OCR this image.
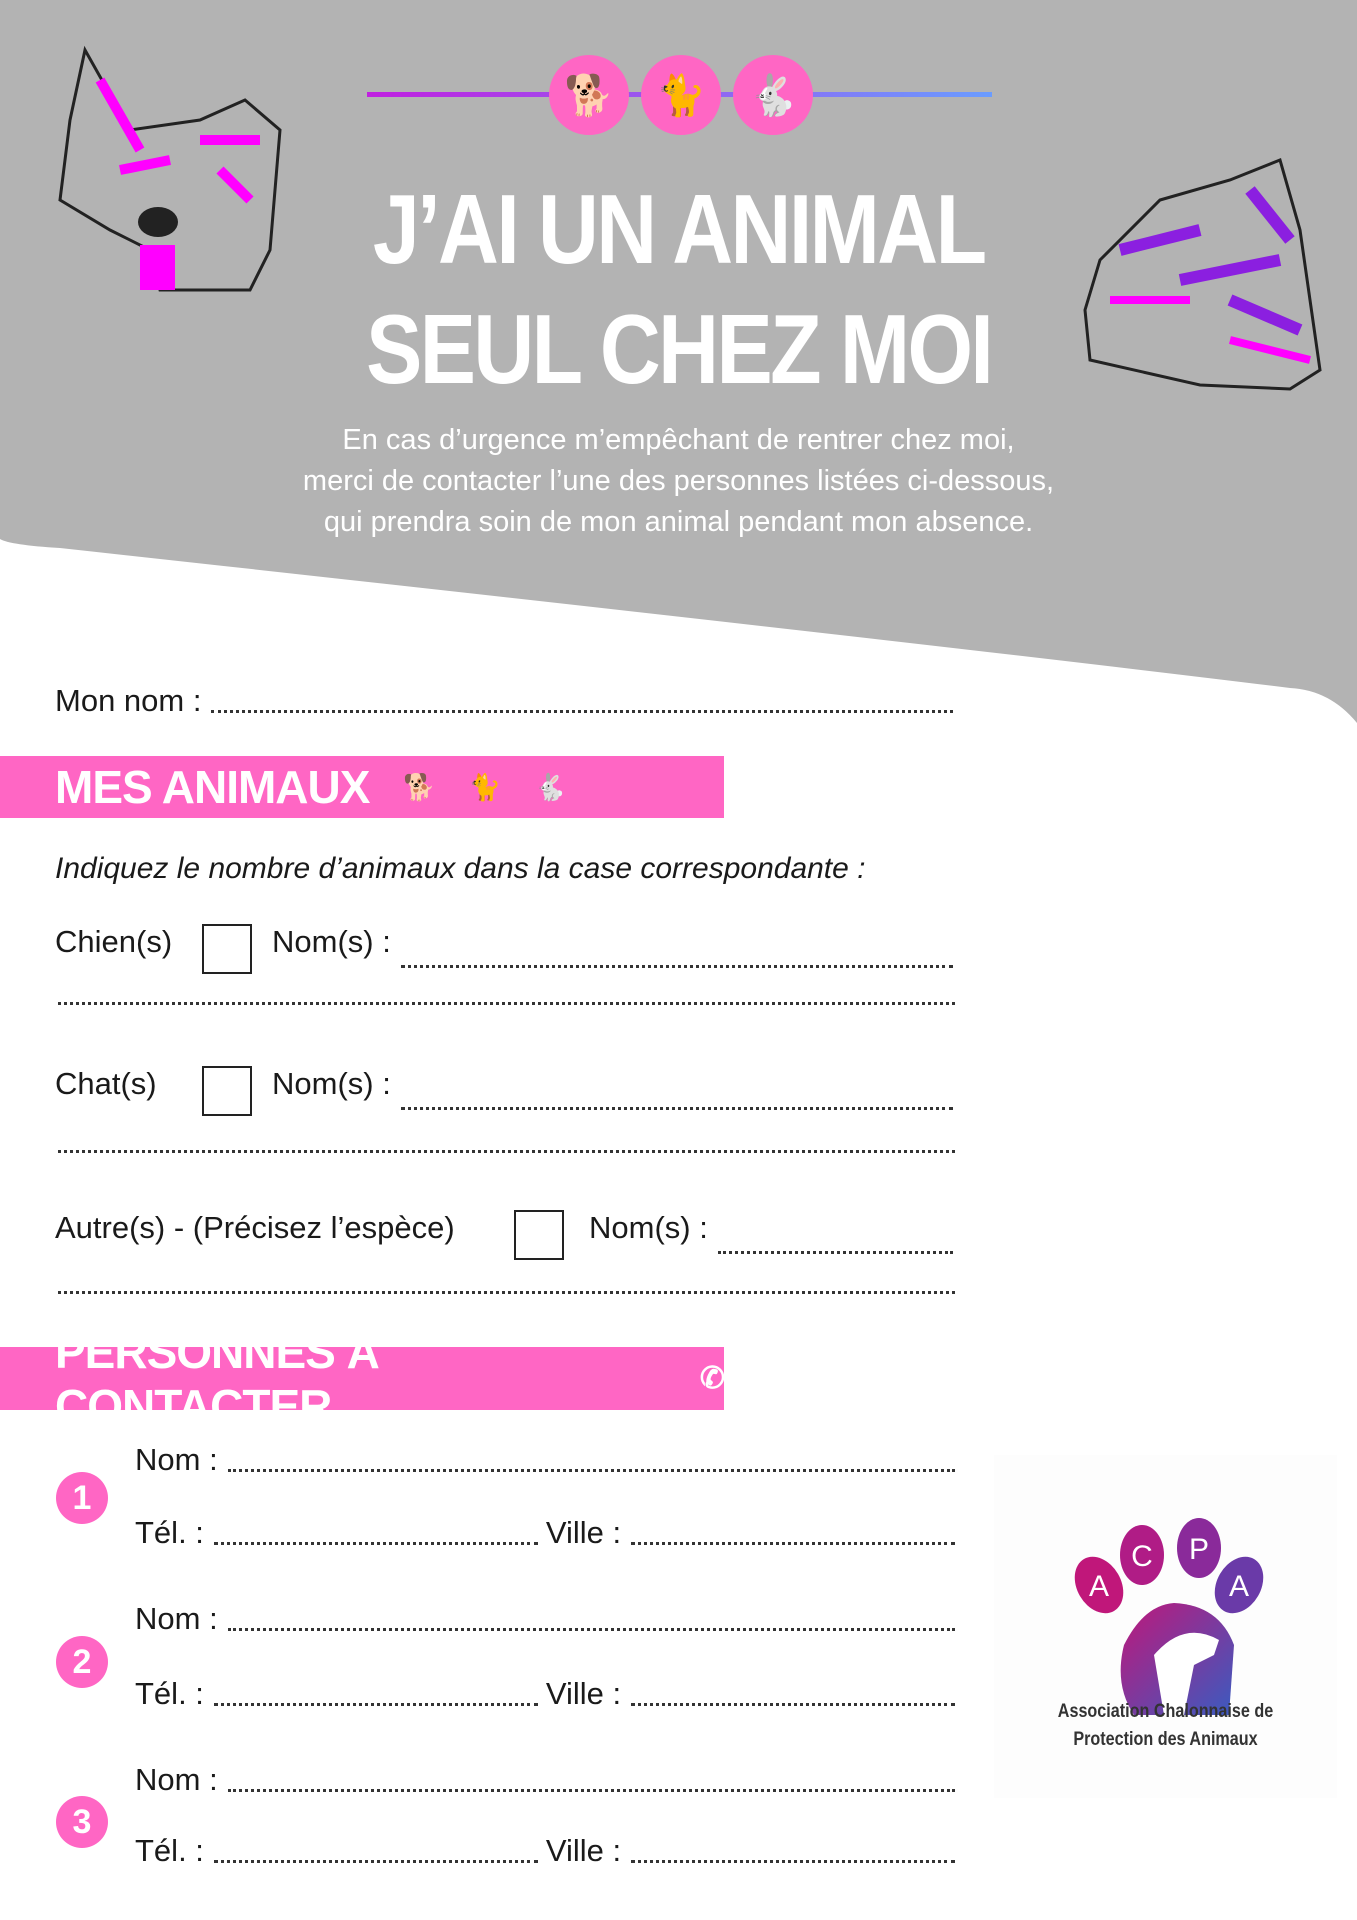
🐕	🐈	🐇
J’AI UN ANIMAL
SEUL CHEZ MOI
En cas d’urgence m’empêchant de rentrer chez moi,
merci de contacter l’une des personnes listées ci-dessous,
qui prendra soin de mon animal pendant mon absence.
Mon nom :
MES ANIMAUX 🐕 🐈 🐇
Indiquez le nombre d’animaux dans la case correspondante :
Chien(s)	Nom(s) :
Chat(s)	Nom(s) :
Autre(s) - (Précisez l’espèce)	Nom(s) :
PERSONNES À CONTACTER
✆
1
Nom :
Tél. :	Ville :
2
Nom :
Tél. :	Ville :
3
Nom :
Tél. :	Ville :
A
C P
A
Association Chalonnaise de
Protection des Animaux
